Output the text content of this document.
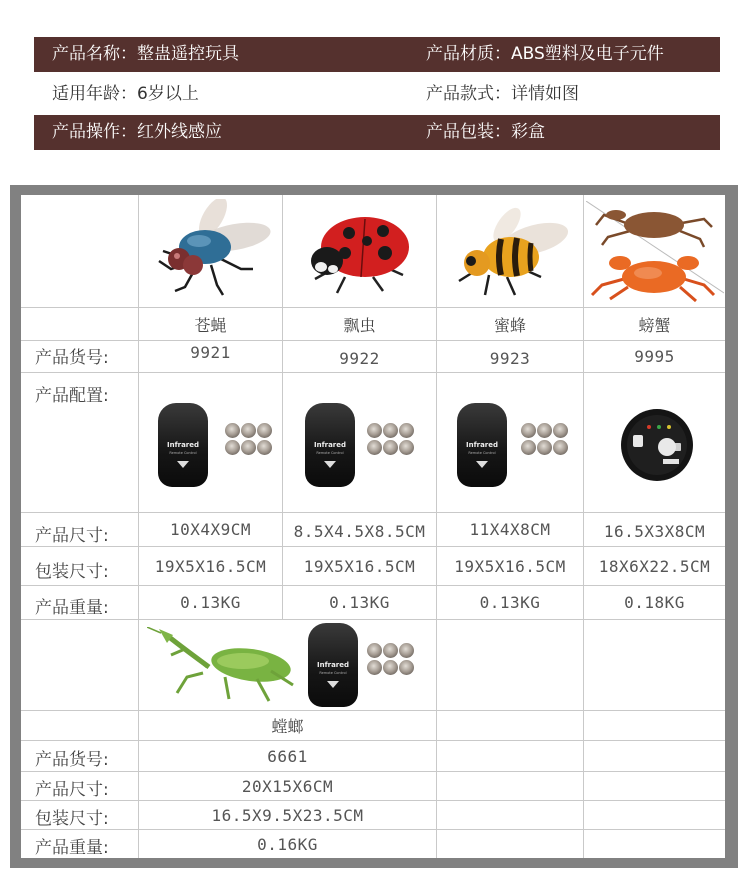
产品名称：整蛊遥控玩具	产品材质：ABS塑料及电子元件
适用年龄：6岁以上	产品款式：详情如图
产品操作：红外线感应	产品包装：彩盒
苍蝇	飘虫	蜜蜂	螃蟹
产品货号:	9921	9922	9923	9995
产品配置:
Infrared
Remote Control
Infrared
Remote Control
Infrared
Remote Control
产品尺寸:	10X4X9CM	8.5X4.5X8.5CM	11X4X8CM	16.5X3X8CM
包装尺寸:	19X5X16.5CM	19X5X16.5CM	19X5X16.5CM	18X6X22.5CM
产品重量:	0.13KG	0.13KG	0.13KG	0.18KG
Infrared
Remote Control
螳螂
产品货号:	6661
产品尺寸:	20X15X6CM
包装尺寸:	16.5X9.5X23.5CM
产品重量:	0.16KG
